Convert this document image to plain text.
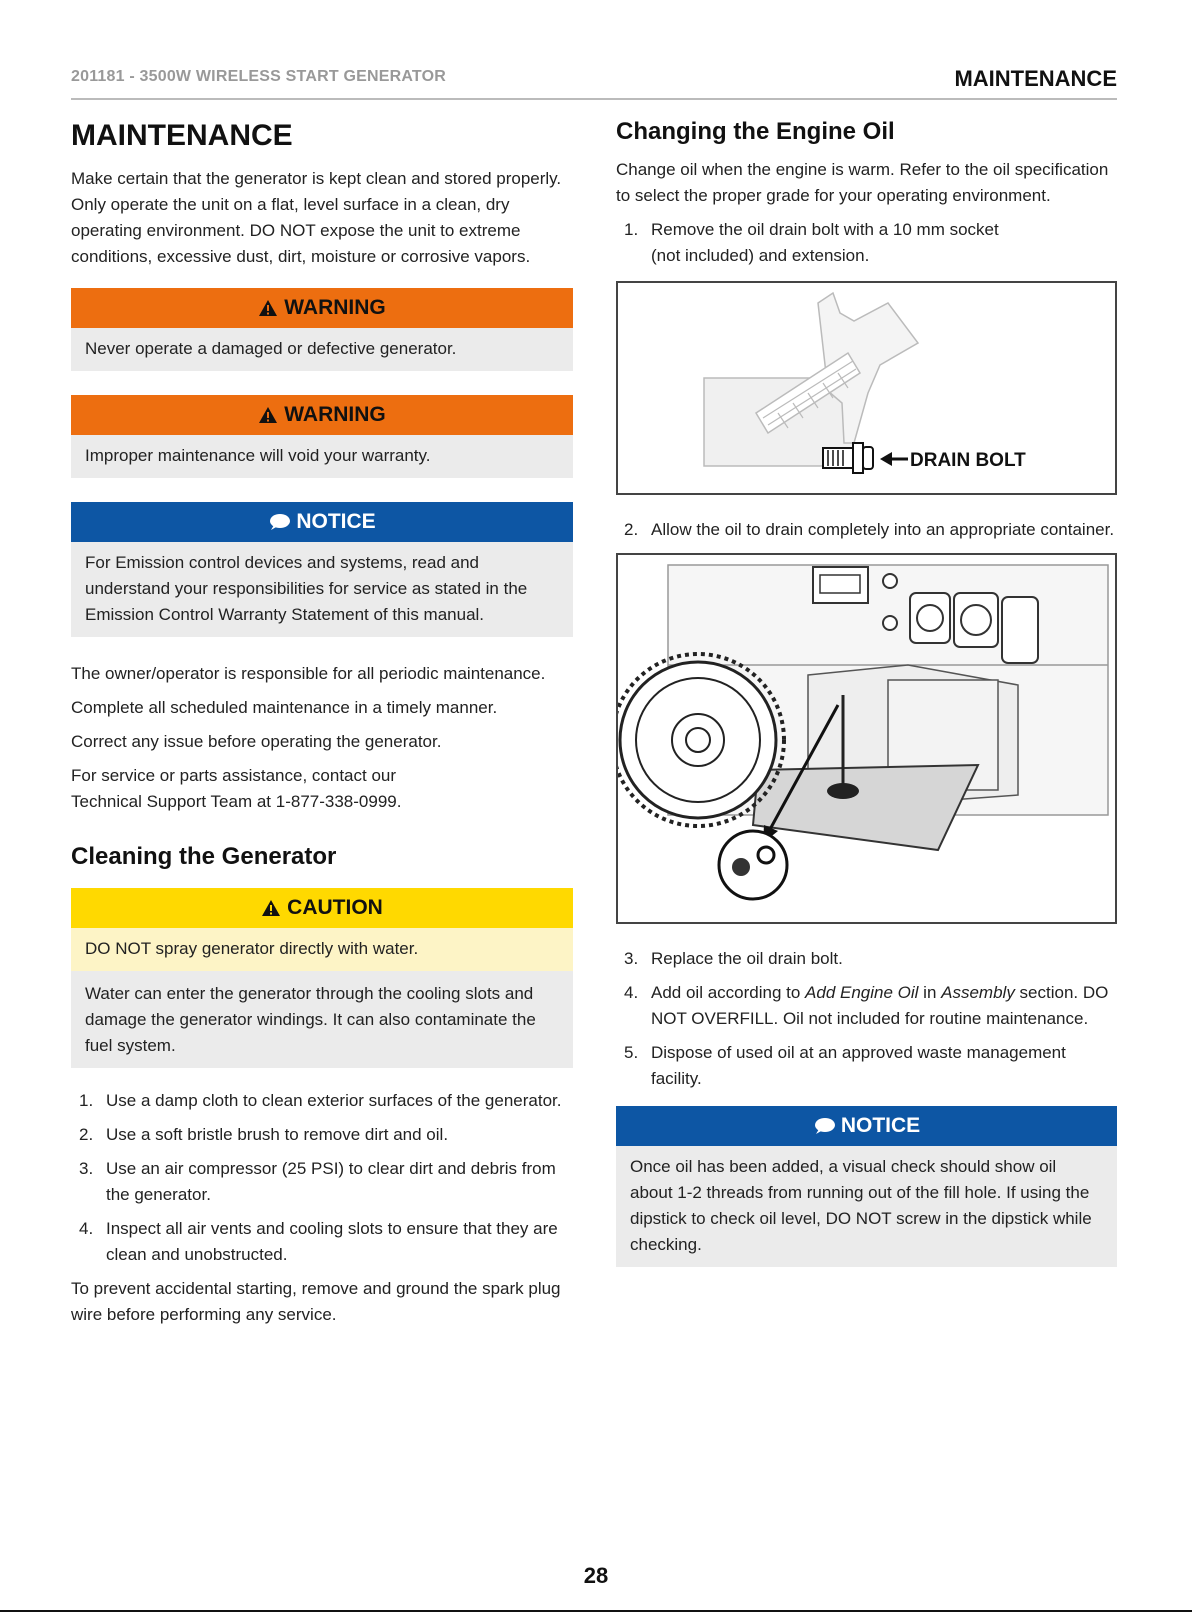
201181 - 3500W WIRELESS START GENERATOR	MAINTENANCE
MAINTENANCE

Make certain that the generator is kept clean and stored properly. Only operate the unit on a flat, level surface in a clean, dry operating environment. DO NOT expose the unit to extreme conditions, excessive dust, dirt, moisture or corrosive vapors.

WARNING
Never operate a damaged or defective generator.
WARNING
Improper maintenance will void your warranty.
NOTICE
For Emission control devices and systems, read and understand your responsibilities for service as stated in the Emission Control Warranty Statement of this manual.

The owner/operator is responsible for all periodic maintenance.

Complete all scheduled maintenance in a timely manner.

Correct any issue before operating the generator.

For service or parts assistance, contact our

Technical Support Team at 1-877-338-0999.

Cleaning the Generator
CAUTION
DO NOT spray generator directly with water.
Water can enter the generator through the cooling slots and damage the generator windings. It can also contaminate the fuel system.
1. Use a damp cloth to clean exterior surfaces of the generator.
2. Use a soft bristle brush to remove dirt and oil.
3. Use an air compressor (25 PSI) to clear dirt and debris from the generator.
4. Inspect all air vents and cooling slots to ensure that they are clean and unobstructed.

To prevent accidental starting, remove and ground the spark plug wire before performing any service.

Changing the Engine Oil

Change oil when the engine is warm. Refer to the oil specification to select the proper grade for your operating environment.

1. Remove the oil drain bolt with a 10 mm socket (not included) and extension.
DRAIN BOLT
2. Allow the oil to drain completely into an appropriate container.
3. Replace the oil drain bolt.
4. Add oil according to Add Engine Oil in Assembly section. DO NOT OVERFILL. Oil not included for routine maintenance.
5. Dispose of used oil at an approved waste management facility.
NOTICE
Once oil has been added, a visual check should show oil about 1-2 threads from running out of the fill hole. If using the dipstick to check oil level, DO NOT screw in the dipstick while checking.
28
